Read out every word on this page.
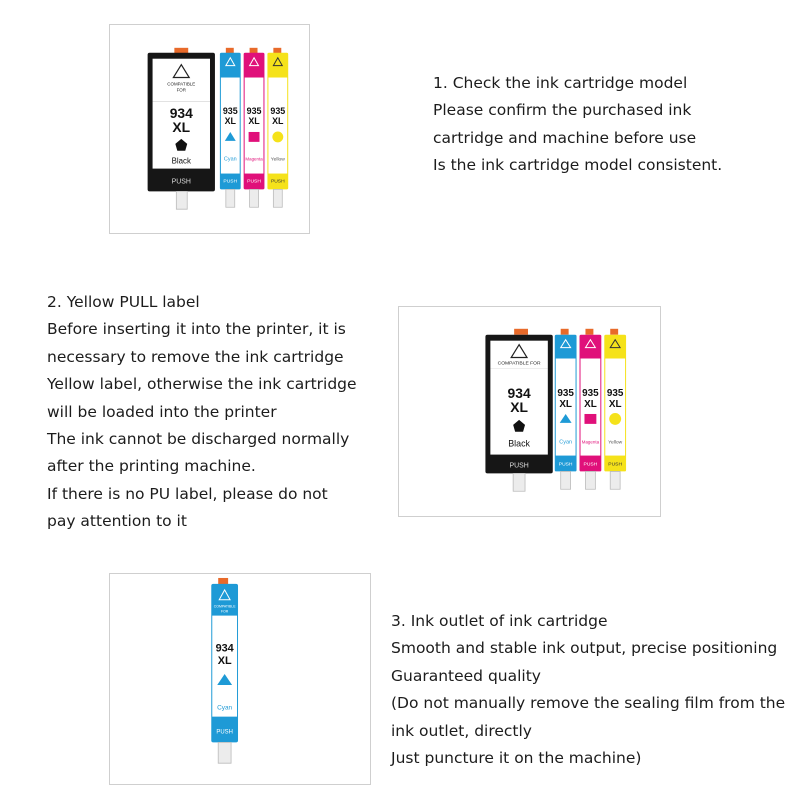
COMPATIBLE
FOR
934
XL
Black
PUSH
935
XL
Cyan
PUSH
935
XL
Magenta
PUSH
935
XL
Yellow
PUSH

1. Check the ink cartridge model

Please confirm the purchased ink

cartridge and machine before use

Is the ink cartridge model consistent.

2. Yellow PULL label

Before inserting it into the printer, it is

necessary to remove the ink cartridge

Yellow label, otherwise the ink cartridge

will be loaded into the printer

The ink cannot be discharged normally

after the printing machine.

If there is no PU label, please do not

pay attention to it

COMPATIBLE FOR
934
XL
Black
PUSH
935
XL
Cyan
PUSH
935
XL
Magenta
PUSH
935
XL
Yellow
PUSH
COMPATIBLE
FOR
934
XL
Cyan
PUSH

3. Ink outlet of ink cartridge

Smooth and stable ink output, precise positioning

Guaranteed quality

(Do not manually remove the sealing film from the

ink outlet, directly

Just puncture it on the machine)
